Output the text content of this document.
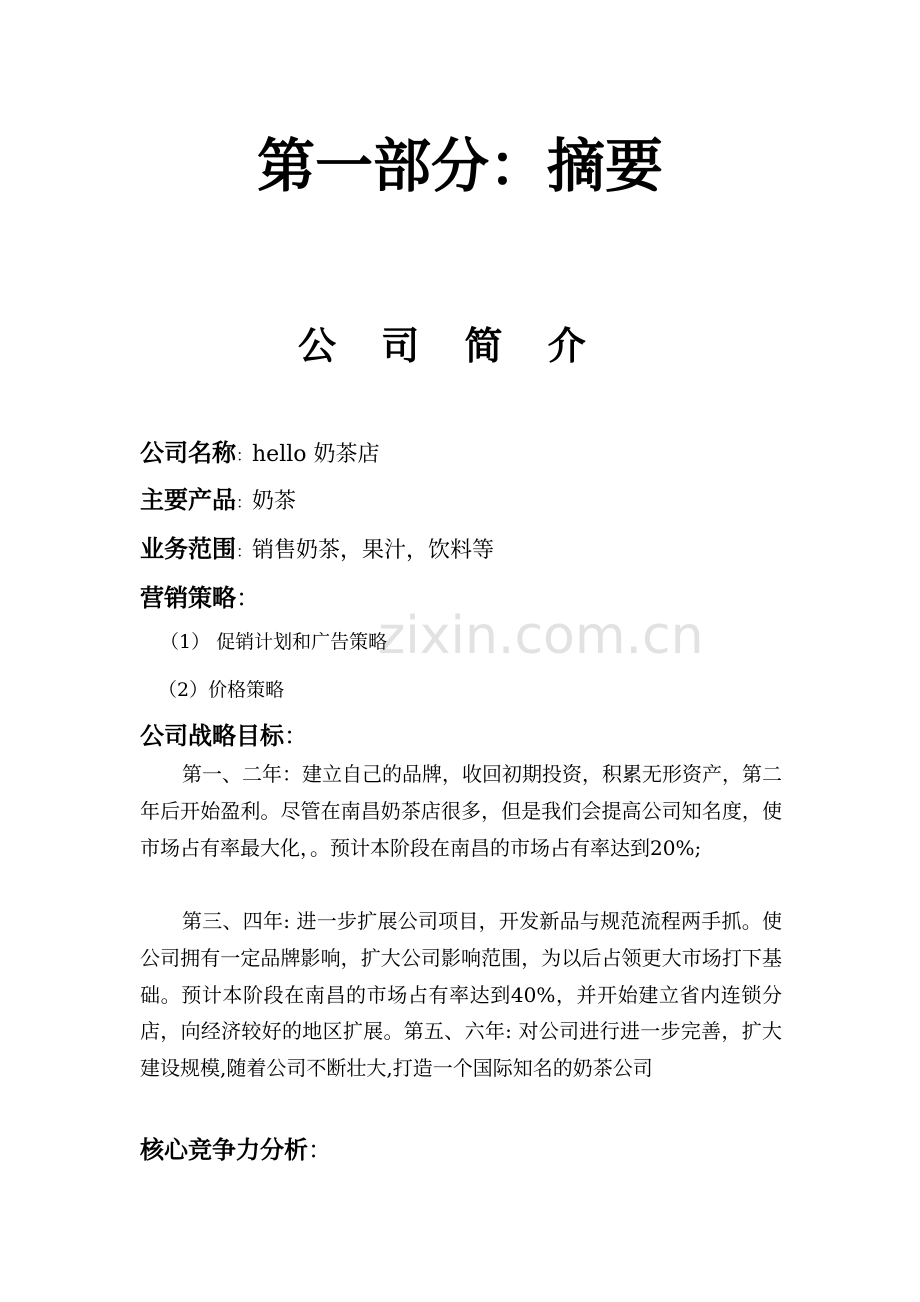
zixin.com.cn
第一部分：摘要
公 司 简 介
公司名称：hello 奶茶店
主要产品：奶茶
业务范围：销售奶茶，果汁，饮料等
营销策略：
（1） 促销计划和广告策略
（2）价格策略
公司战略目标：

第一、二年：建立自己的品牌，收回初期投资，积累无形资产，第二年后开始盈利。尽管在南昌奶茶店很多，但是我们会提高公司知名度，使市场占有率最大化，。预计本阶段在南昌的市场占有率达到20%;

第三、四年: 进一步扩展公司项目，开发新品与规范流程两手抓。使公司拥有一定品牌影响，扩大公司影响范围，为以后占领更大市场打下基础。预计本阶段在南昌的市场占有率达到40%，并开始建立省内连锁分店，向经济较好的地区扩展。第五、六年: 对公司进行进一步完善，扩大建设规模,随着公司不断壮大,打造一个国际知名的奶茶公司

核心竞争力分析：
